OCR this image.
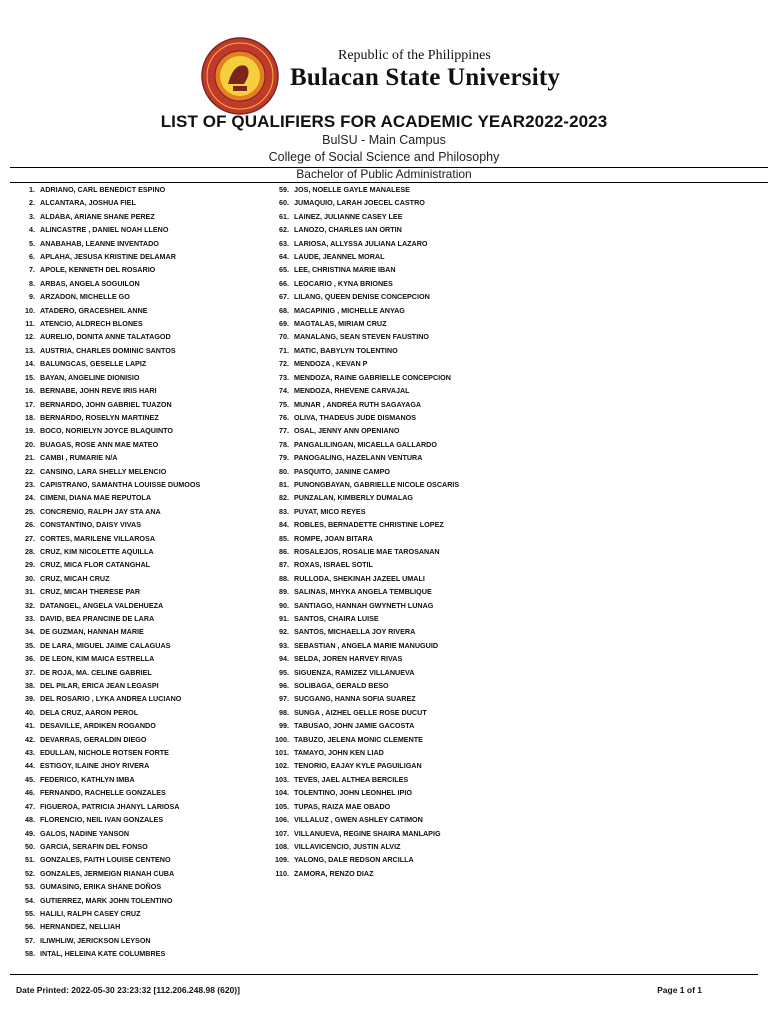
Republic of the Philippines
Bulacan State University
LIST OF QUALIFIERS FOR ACADEMIC YEAR2022-2023
BulSU - Main Campus
College of Social Science and Philosophy
Bachelor of Public Administration
1. ADRIANO, CARL BENEDICT ESPINO
2. ALCANTARA, JOSHUA FIEL
3. ALDABA, ARIANE SHANE PEREZ
4. ALINCASTRE , DANIEL NOAH LLENO
5. ANABAHAB, LEANNE INVENTADO
6. APLAHA, JESUSA KRISTINE DELAMAR
7. APOLE, KENNETH DEL ROSARIO
8. ARBAS, ANGELA SOGUILON
9. ARZADON, MICHELLE GO
10. ATADERO, GRACESHEIL ANNE
11. ATENCIO, ALDRECH BLONES
12. AURELIO, DONITA ANNE TALATAGOD
13. AUSTRIA, CHARLES DOMINIC SANTOS
14. BALUNGCAS, GESELLE LAPIZ
15. BAYAN, ANGELINE DIONISIO
16. BERNABE, JOHN REVE IRIS HARI
17. BERNARDO, JOHN GABRIEL TUAZON
18. BERNARDO, ROSELYN MARTINEZ
19. BOCO, NORIELYN JOYCE BLAQUINTO
20. BUAGAS, ROSE ANN MAE MATEO
21. CAMBI , RUMARIE N/A
22. CANSINO, LARA SHELLY MELENCIO
23. CAPISTRANO, SAMANTHA LOUISSE DUMOOS
24. CIMENI, DIANA MAE REPUTOLA
25. CONCRENIO, RALPH JAY STA ANA
26. CONSTANTINO, DAISY VIVAS
27. CORTES, MARILENE VILLAROSA
28. CRUZ, KIM NICOLETTE AQUILLA
29. CRUZ, MICA FLOR CATANGHAL
30. CRUZ, MICAH CRUZ
31. CRUZ, MICAH THERESE PAR
32. DATANGEL, ANGELA VALDEHUEZA
33. DAVID, BEA PRANCINE DE LARA
34. DE GUZMAN, HANNAH MARIE
35. DE LARA, MIGUEL JAIME CALAGUAS
36. DE LEON, KIM MAICA ESTRELLA
37. DE ROJA, MA. CELINE GABRIEL
38. DEL PILAR, ERICA JEAN LEGASPI
39. DEL ROSARIO , LYKA ANDREA LUCIANO
40. DELA CRUZ, AARON PEROL
41. DESAVILLE, ARDIKEN ROGANDO
42. DEVARRAS, GERALDIN DIEGO
43. EDULLAN, NICHOLE ROTSEN FORTE
44. ESTIGOY, ILAINE JHOY RIVERA
45. FEDERICO, KATHLYN IMBA
46. FERNANDO, RACHELLE GONZALES
47. FIGUEROA, PATRICIA JHANYL LARIOSA
48. FLORENCIO, NEIL IVAN GONZALES
49. GALOS, NADINE YANSON
50. GARCIA, SERAFIN DEL FONSO
51. GONZALES, FAITH LOUISE CENTENO
52. GONZALES, JERMEIGN RIANAH CUBA
53. GUMASING, ERIKA SHANE DOÑOS
54. GUTIERREZ, MARK JOHN TOLENTINO
55. HALILI, RALPH CASEY CRUZ
56. HERNANDEZ, NELLIAH
57. ILIWHLIW, JERICKSON LEYSON
58. INTAL, HELEINA KATE COLUMBRES
59. JOS, NOELLE GAYLE MANALESE
60. JUMAQUIO, LARAH JOECEL CASTRO
61. LAINEZ, JULIANNE CASEY LEE
62. LANOZO, CHARLES IAN ORTIN
63. LARIOSA, ALLYSSA JULIANA LAZARO
64. LAUDE, JEANNEL MORAL
65. LEE, CHRISTINA MARIE IBAN
66. LEOCARIO , KYNA BRIONES
67. LILANG, QUEEN DENISE CONCEPCION
68. MACAPINIG , MICHELLE ANYAG
69. MAGTALAS, MIRIAM CRUZ
70. MANALANG, SEAN STEVEN FAUSTINO
71. MATIC, BABYLYN TOLENTINO
72. MENDOZA , KEVAN P
73. MENDOZA, RAINE GABRIELLE CONCEPCION
74. MENDOZA, RHEVENE CARVAJAL
75. MUNAR , ANDREA RUTH SAGAYAGA
76. OLIVA, THADEUS JUDE DISMANOS
77. OSAL, JENNY ANN OPENIANO
78. PANGALILINGAN, MICAELLA GALLARDO
79. PANOGALING, HAZELANN VENTURA
80. PASQUITO, JANINE CAMPO
81. PUNONGBAYAN, GABRIELLE NICOLE OSCARIS
82. PUNZALAN, KIMBERLY DUMALAG
83. PUYAT, MICO REYES
84. ROBLES, BERNADETTE CHRISTINE LOPEZ
85. ROMPE, JOAN BITARA
86. ROSALEJOS, ROSALIE MAE TAROSANAN
87. ROXAS, ISRAEL SOTIL
88. RULLODA, SHEKINAH JAZEEL UMALI
89. SALINAS, MHYKA ANGELA TEMBLIQUE
90. SANTIAGO, HANNAH GWYNETH LUNAG
91. SANTOS, CHAIRA LUISE
92. SANTOS, MICHAELLA JOY RIVERA
93. SEBASTIAN , ANGELA MARIE MANUGUID
94. SELDA, JOREN HARVEY RIVAS
95. SIGUENZA, RAMIZEZ VILLANUEVA
96. SOLIBAGA, GERALD BESO
97. SUCGANG, HANNA SOFIA SUAREZ
98. SUNGA , AIZHEL GELLE ROSE DUCUT
99. TABUSAO, JOHN JAMIE GACOSTA
100. TABUZO, JELENA MONIC CLEMENTE
101. TAMAYO, JOHN KEN LIAD
102. TENORIO, EAJAY KYLE PAGUILIGAN
103. TEVES, JAEL ALTHEA BERCILES
104. TOLENTINO, JOHN LEONHEL IPIO
105. TUPAS, RAIZA MAE OBADO
106. VILLALUZ , GWEN ASHLEY CATIMON
107. VILLANUEVA, REGINE SHAIRA MANLAPIG
108. VILLAVICENCIO, JUSTIN ALVIZ
109. YALONG, DALE REDSON ARCILLA
110. ZAMORA, RENZO DIAZ
Date Printed: 2022-05-30 23:23:32 [112.206.248.98 (620)]	Page 1 of 1
